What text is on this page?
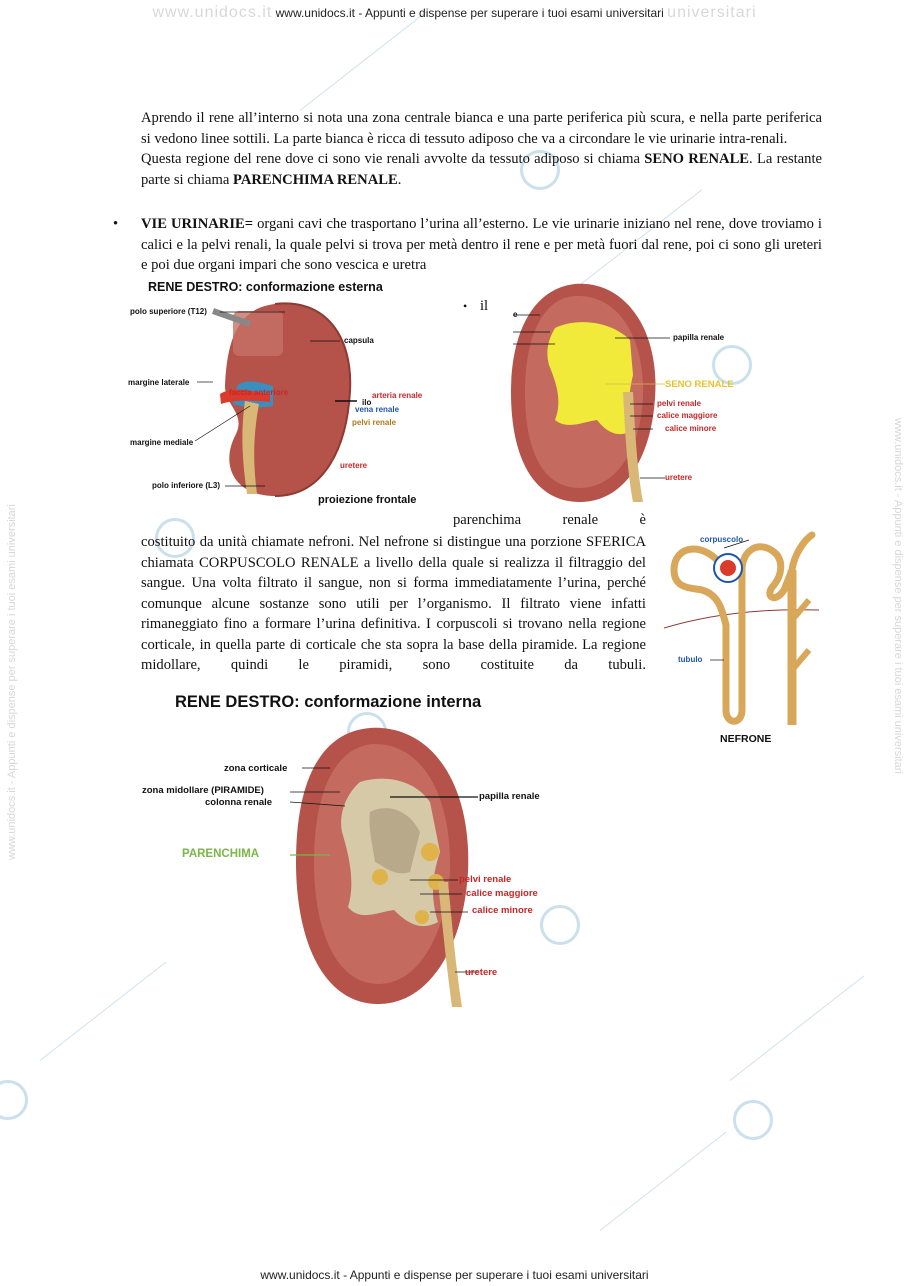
www.unidocs.it - Appunti e dispense per superare i tuoi esami universitari	www.unidocs.it - Appunti e dispense per superare i tuoi esami universitari
www.unidocs.it www.unidocs.it - Appunti e dispense per superare i tuoi esami universitari universitari
www.unidocs.it - Appunti e dispense per superare i tuoi esami universitari
Aprendo il rene all’interno si nota una zona centrale bianca e una parte periferica più scura, e nella parte periferica si vedono linee sottili. La parte bianca è ricca di tessuto adiposo che va a circondare le vie urinarie intra-renali.
Questa regione del rene dove ci sono vie renali avvolte da tessuto adiposo si chiama SENO RENALE. La restante parte si chiama PARENCHIMA RENALE.
• VIE URINARIE= organi cavi che trasportano l’urina all’esterno. Le vie urinarie iniziano nel rene, dove troviamo i calici e la pelvi renali, la quale pelvi si trova per metà dentro il rene e per metà fuori dal rene, poi ci sono gli ureteri e poi due organi impari che sono vescica e uretra
RENE DESTRO: conformazione esterna
polo superiore (T12)
capsula
margine laterale
faccia anteriore
ilo
arteria renale
vena renale
pelvi renale
margine mediale
uretere
polo inferiore (L3)
proiezione frontale
• il
e
papilla renale
SENO RENALE
pelvi renale
calice maggiore
calice minore
uretere
parenchima renale è
costituito da unità chiamate nefroni. Nel nefrone si distingue una porzione SFERICA chiamata CORPUSCOLO RENALE a livello della quale si realizza il filtraggio del sangue. Una volta filtrato il sangue, non si forma immediatamente l’urina, perché comunque alcune sostanze sono utili per l’organismo. Il filtrato viene infatti rimaneggiato fino a formare l’urina definitiva. I corpuscoli si trovano nella regione corticale, in quella parte di corticale che sta sopra la base della piramide. La regione midollare, quindi le piramidi, sono costituite da tubuli.
corpuscolo
tubulo
NEFRONE
RENE DESTRO: conformazione interna
zona corticale
zona midollare (PIRAMIDE)
colonna renale
papilla renale
PARENCHIMA
pelvi renale
calice maggiore
calice minore
uretere
